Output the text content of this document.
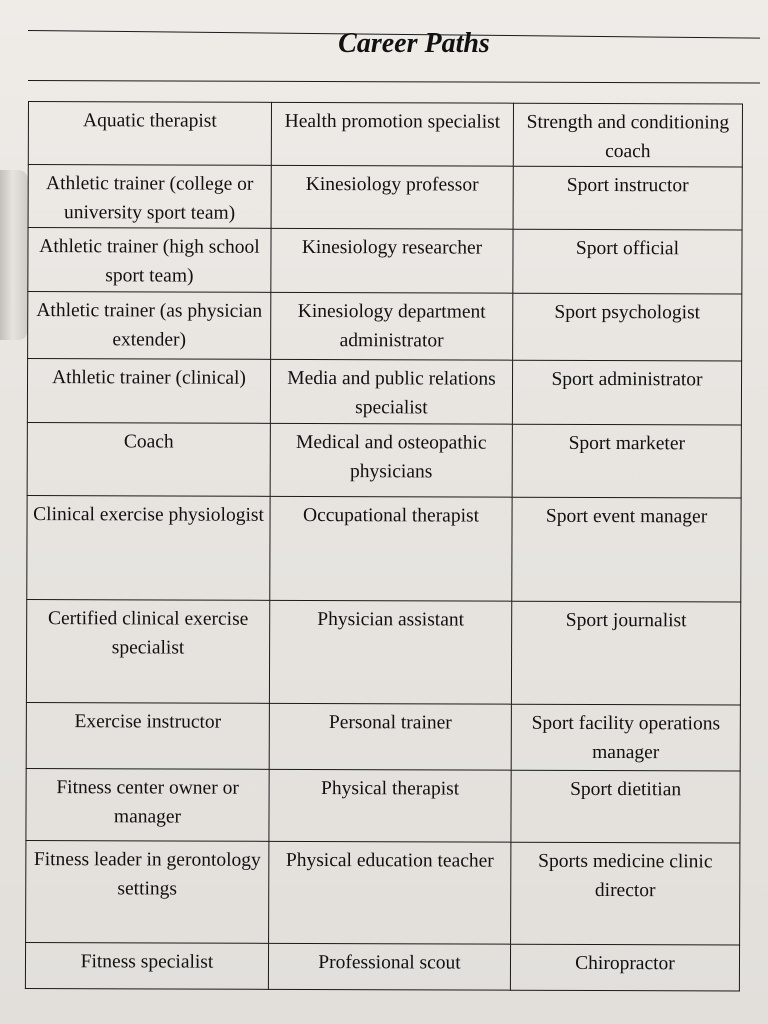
Career Paths
Aquatic therapist	Health promotion specialist	Strength and conditioning coach
Athletic trainer (college or university sport team)	Kinesiology professor	Sport instructor
Athletic trainer (high school sport team)	Kinesiology researcher	Sport official
Athletic trainer (as physician extender)	Kinesiology department administrator	Sport psychologist
Athletic trainer (clinical)	Media and public relations specialist	Sport administrator
Coach	Medical and osteopathic physicians	Sport marketer
Clinical exercise physiologist	Occupational therapist	Sport event manager
Certified clinical exercise specialist	Physician assistant	Sport journalist
Exercise instructor	Personal trainer	Sport facility operations manager
Fitness center owner or manager	Physical therapist	Sport dietitian
Fitness leader in gerontology settings	Physical education teacher	Sports medicine clinic director
Fitness specialist	Professional scout	Chiropractor
